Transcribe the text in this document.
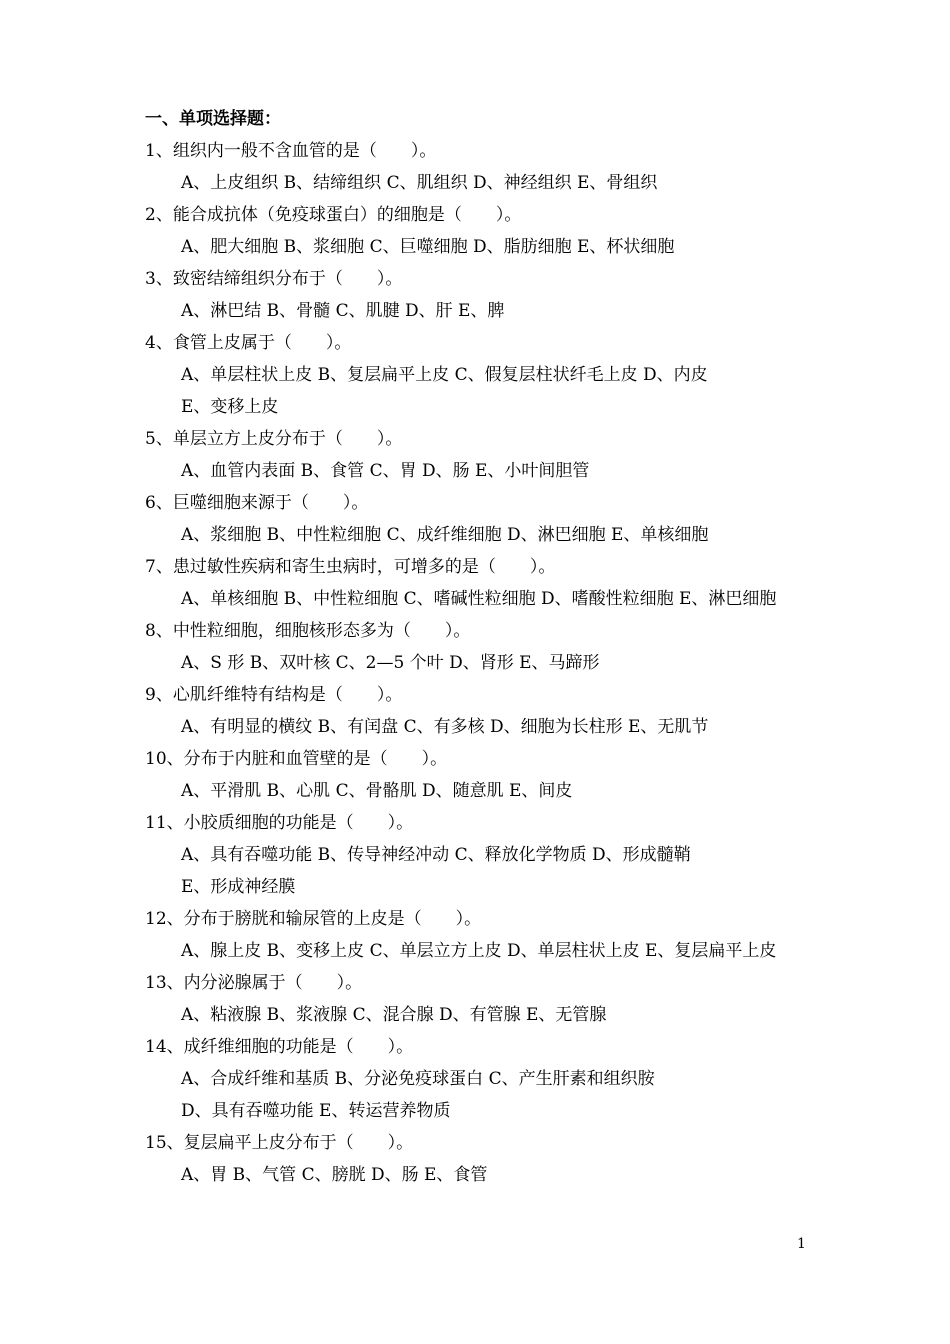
一、单项选择题：
1、组织内一般不含血管的是（　　）。
A、上皮组织 B、结缔组织 C、肌组织 D、神经组织 E、骨组织
2、能合成抗体（免疫球蛋白）的细胞是（　　）。
A、肥大细胞 B、浆细胞 C、巨噬细胞 D、脂肪细胞 E、杯状细胞
3、致密结缔组织分布于（　　）。
A、淋巴结 B、骨髓 C、肌腱 D、肝 E、脾
4、食管上皮属于（　　）。
A、单层柱状上皮 B、复层扁平上皮 C、假复层柱状纤毛上皮 D、内皮
E、变移上皮
5、单层立方上皮分布于（　　）。
A、血管内表面 B、食管 C、胃 D、肠 E、小叶间胆管
6、巨噬细胞来源于（　　）。
A、浆细胞 B、中性粒细胞 C、成纤维细胞 D、淋巴细胞 E、单核细胞
7、患过敏性疾病和寄生虫病时，可增多的是（　　）。
A、单核细胞 B、中性粒细胞 C、嗜碱性粒细胞 D、嗜酸性粒细胞 E、淋巴细胞
8、中性粒细胞，细胞核形态多为（　　）。
A、S 形 B、双叶核 C、2—5 个叶 D、肾形 E、马蹄形
9、心肌纤维特有结构是（　　）。
A、有明显的横纹 B、有闰盘 C、有多核 D、细胞为长柱形 E、无肌节
10、分布于内脏和血管壁的是（　　）。
A、平滑肌 B、心肌 C、骨骼肌 D、随意肌 E、间皮
11、小胶质细胞的功能是（　　）。
A、具有吞噬功能 B、传导神经冲动 C、释放化学物质 D、形成髓鞘
E、形成神经膜
12、分布于膀胱和输尿管的上皮是（　　）。
A、腺上皮 B、变移上皮 C、单层立方上皮 D、单层柱状上皮 E、复层扁平上皮
13、内分泌腺属于（　　）。
A、粘液腺 B、浆液腺 C、混合腺 D、有管腺 E、无管腺
14、成纤维细胞的功能是（　　）。
A、合成纤维和基质 B、分泌免疫球蛋白 C、产生肝素和组织胺
D、具有吞噬功能 E、转运营养物质
15、复层扁平上皮分布于（　　）。
A、胃 B、气管 C、膀胱 D、肠 E、食管
1
